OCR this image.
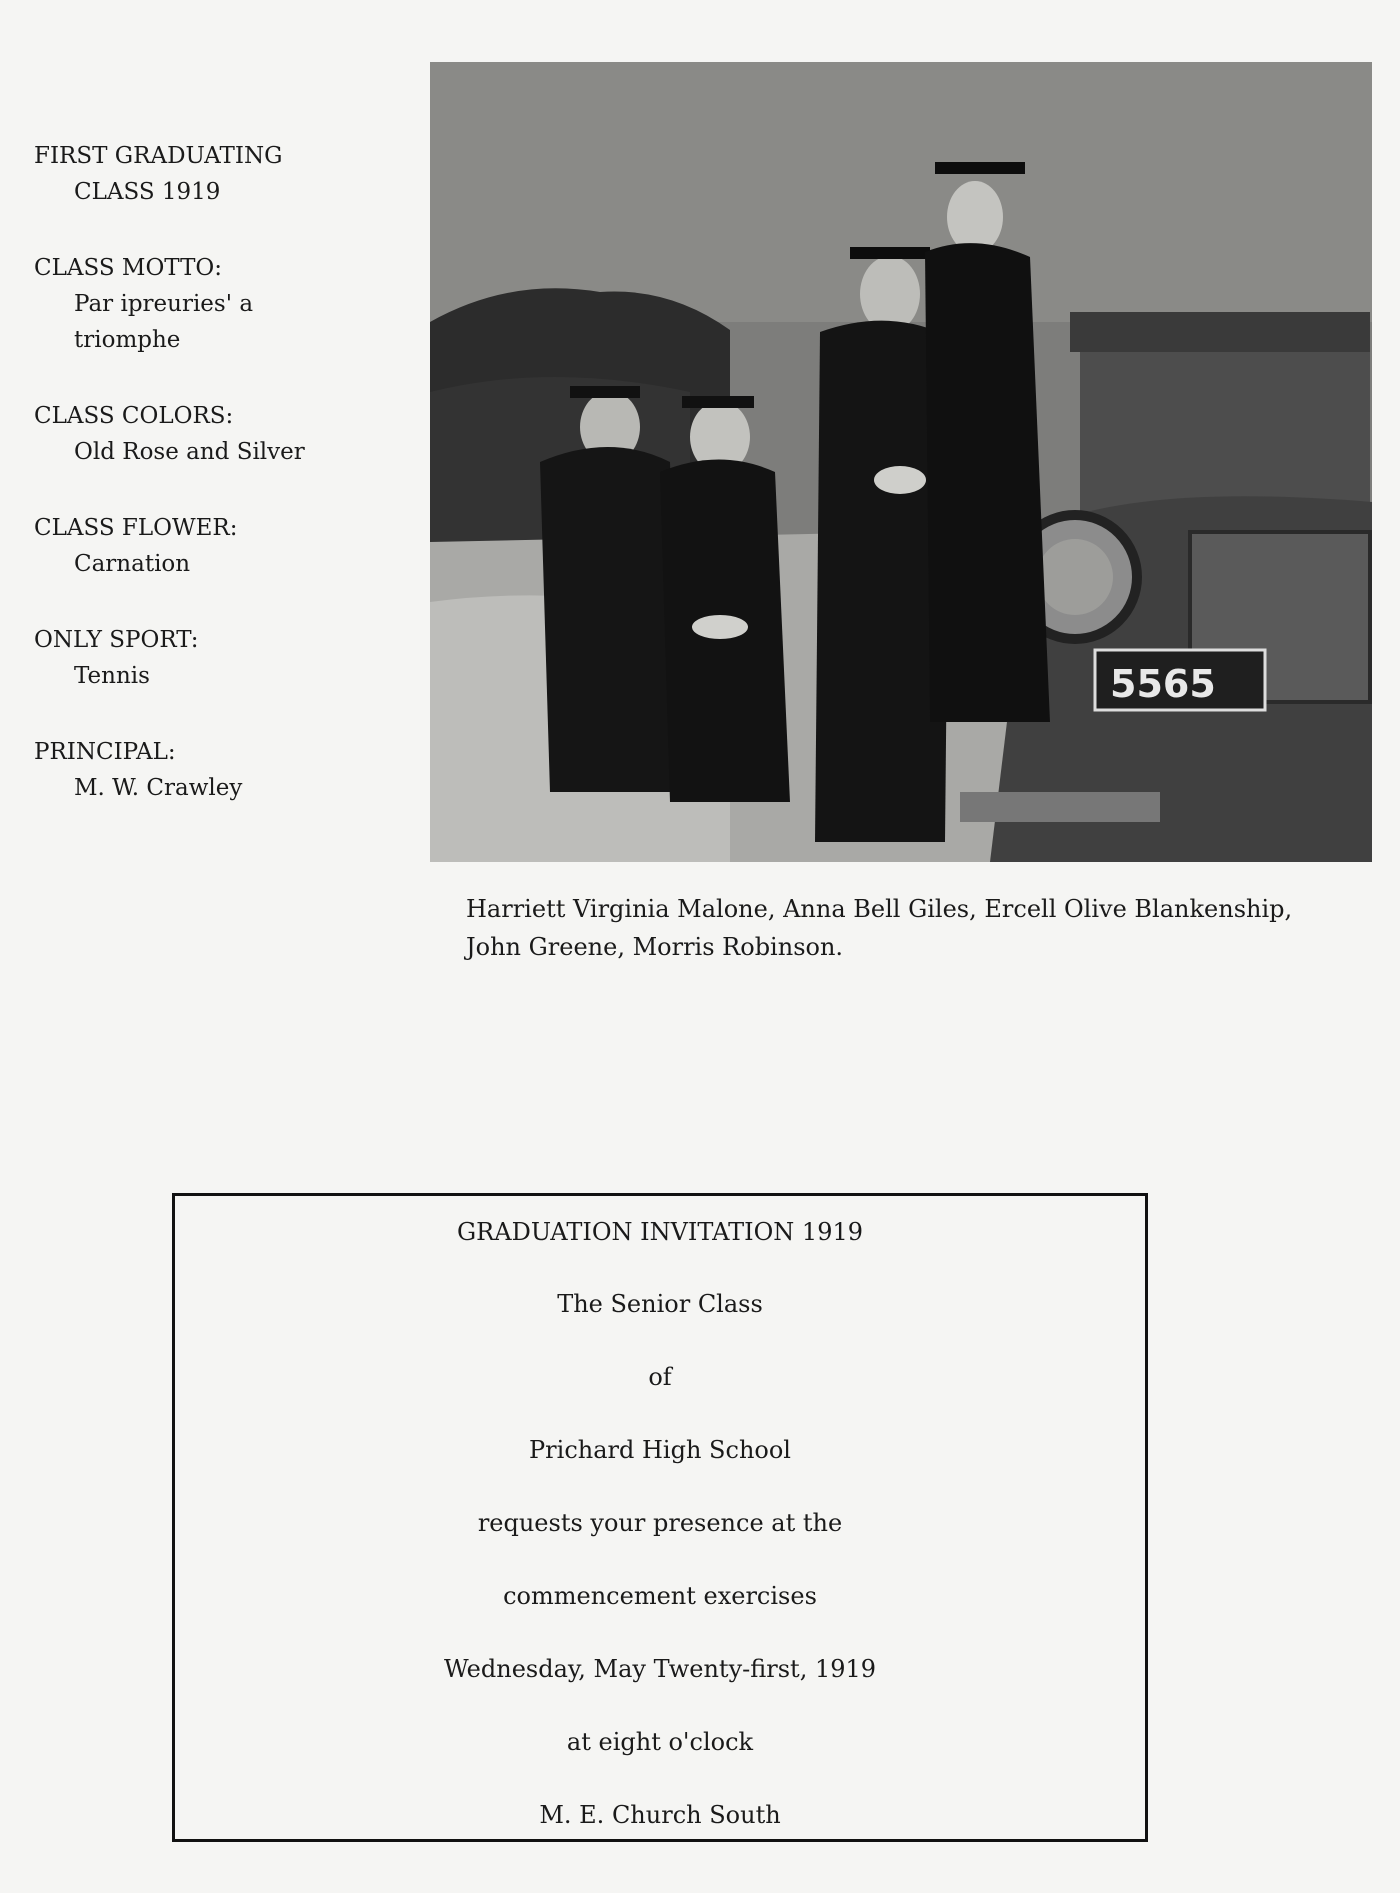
FIRST GRADUATING
CLASS 1919
CLASS MOTTO:
Par ipreuries' a
triomphe
CLASS COLORS:
Old Rose and Silver
CLASS FLOWER:
Carnation
ONLY SPORT:
Tennis
PRINCIPAL:
M. W. Crawley
5565
Harriett Virginia Malone, Anna Bell Giles, Ercell Olive Blankenship,
John Greene, Morris Robinson.
GRADUATION INVITATION 1919
The Senior Class
of
Prichard High School
requests your presence at the
commencement exercises
Wednesday, May Twenty-first, 1919
at eight o'clock
M. E. Church South
